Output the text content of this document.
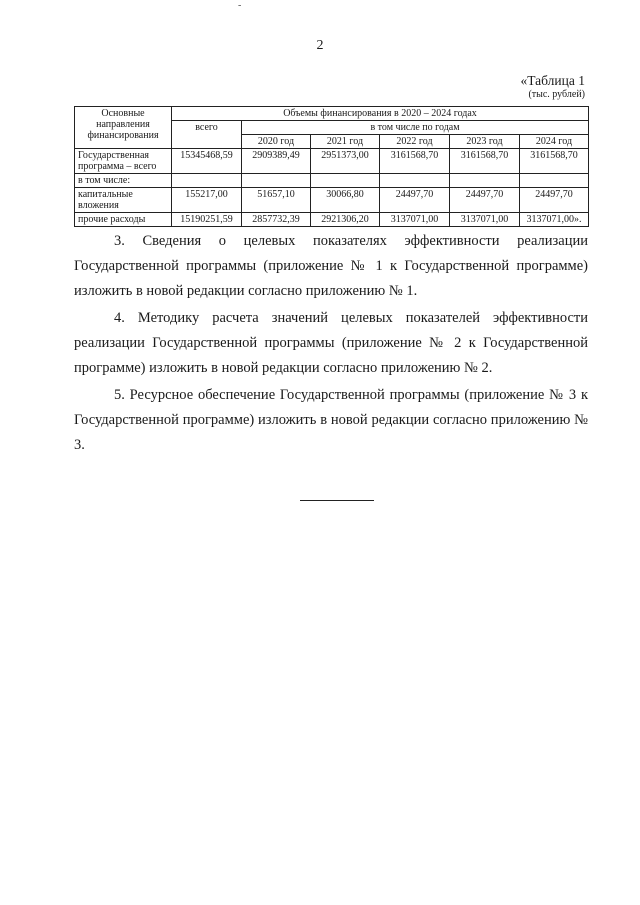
-
2
«Таблица 1
(тыс. рублей)
Основные направления финансирования	Объемы финансирования в 2020 – 2024 годах					
	всего	в том числе по годам				
		2020 год	2021 год	2022 год	2023 год	2024 год
Государственная программа – всего	15345468,59	2909389,49	2951373,00	3161568,70	3161568,70	3161568,70
в том числе:						
капитальные вложения	155217,00	51657,10	30066,80	24497,70	24497,70	24497,70
прочие расходы	15190251,59	2857732,39	2921306,20	3137071,00	3137071,00	3137071,00».

3. Сведения о целевых показателях эффективности реализации Государственной программы (приложение № 1 к Государственной программе) изложить в новой редакции согласно приложению № 1.

4. Методику расчета значений целевых показателей эффективности реализации Государственной программы (приложение № 2 к Государственной программе) изложить в новой редакции согласно приложению № 2.

5. Ресурсное обеспечение Государственной программы (приложение № 3 к Государственной программе) изложить в новой редакции согласно приложению № 3.
